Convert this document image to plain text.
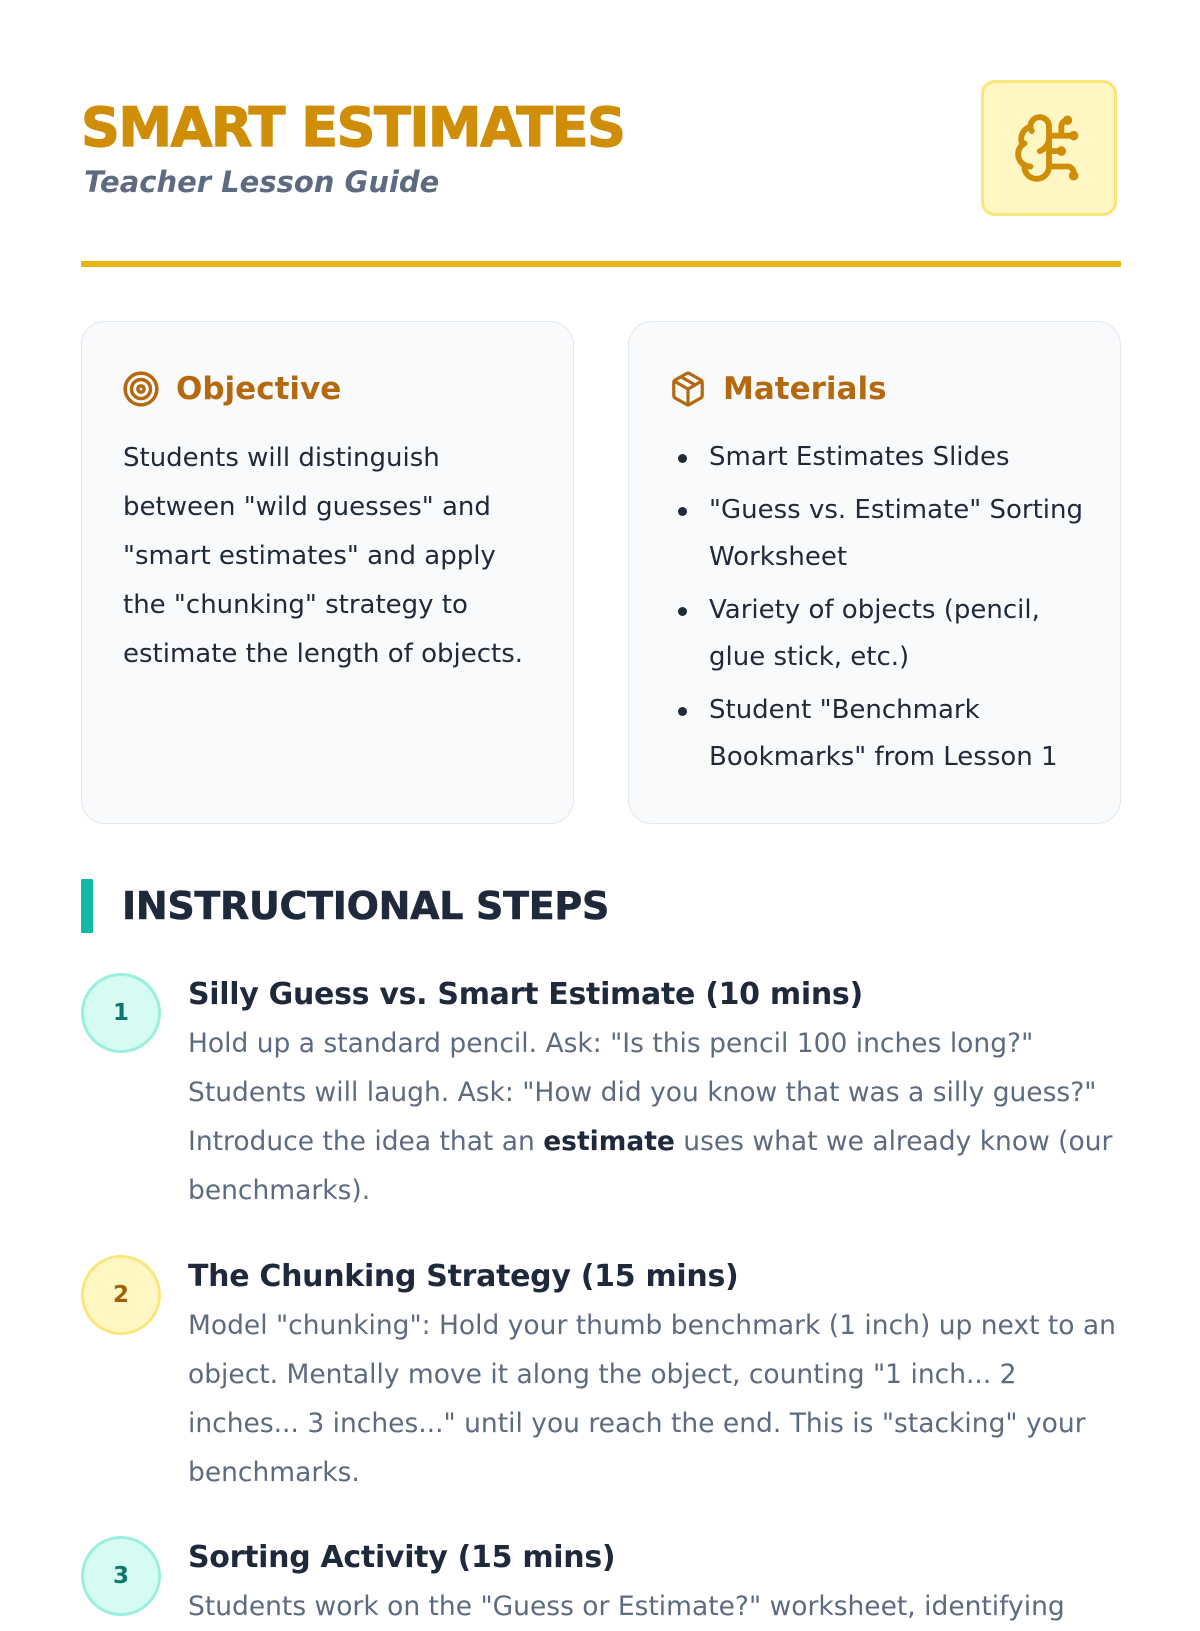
SMART ESTIMATES

Teacher Lesson Guide

Objective
Students will distinguish between "wild guesses" and "smart estimates" and apply the "chunking" strategy to estimate the length of objects.
Materials
Smart Estimates Slides
"Guess vs. Estimate" Sorting Worksheet
Variety of objects (pencil, glue stick, etc.)
Student "Benchmark Bookmarks" from Lesson 1
INSTRUCTIONAL STEPS
1
Silly Guess vs. Smart Estimate (10 mins)

Hold up a standard pencil. Ask: "Is this pencil 100 inches long?" Students will laugh. Ask: "How did you know that was a silly guess?" Introduce the idea that an estimate uses what we already know (our benchmarks).

2
The Chunking Strategy (15 mins)

Model "chunking": Hold your thumb benchmark (1 inch) up next to an object. Mentally move it along the object, counting "1 inch... 2 inches... 3 inches..." until you reach the end. This is "stacking" your benchmarks.

3
Sorting Activity (15 mins)

Students work on the "Guess or Estimate?" worksheet, identifying
